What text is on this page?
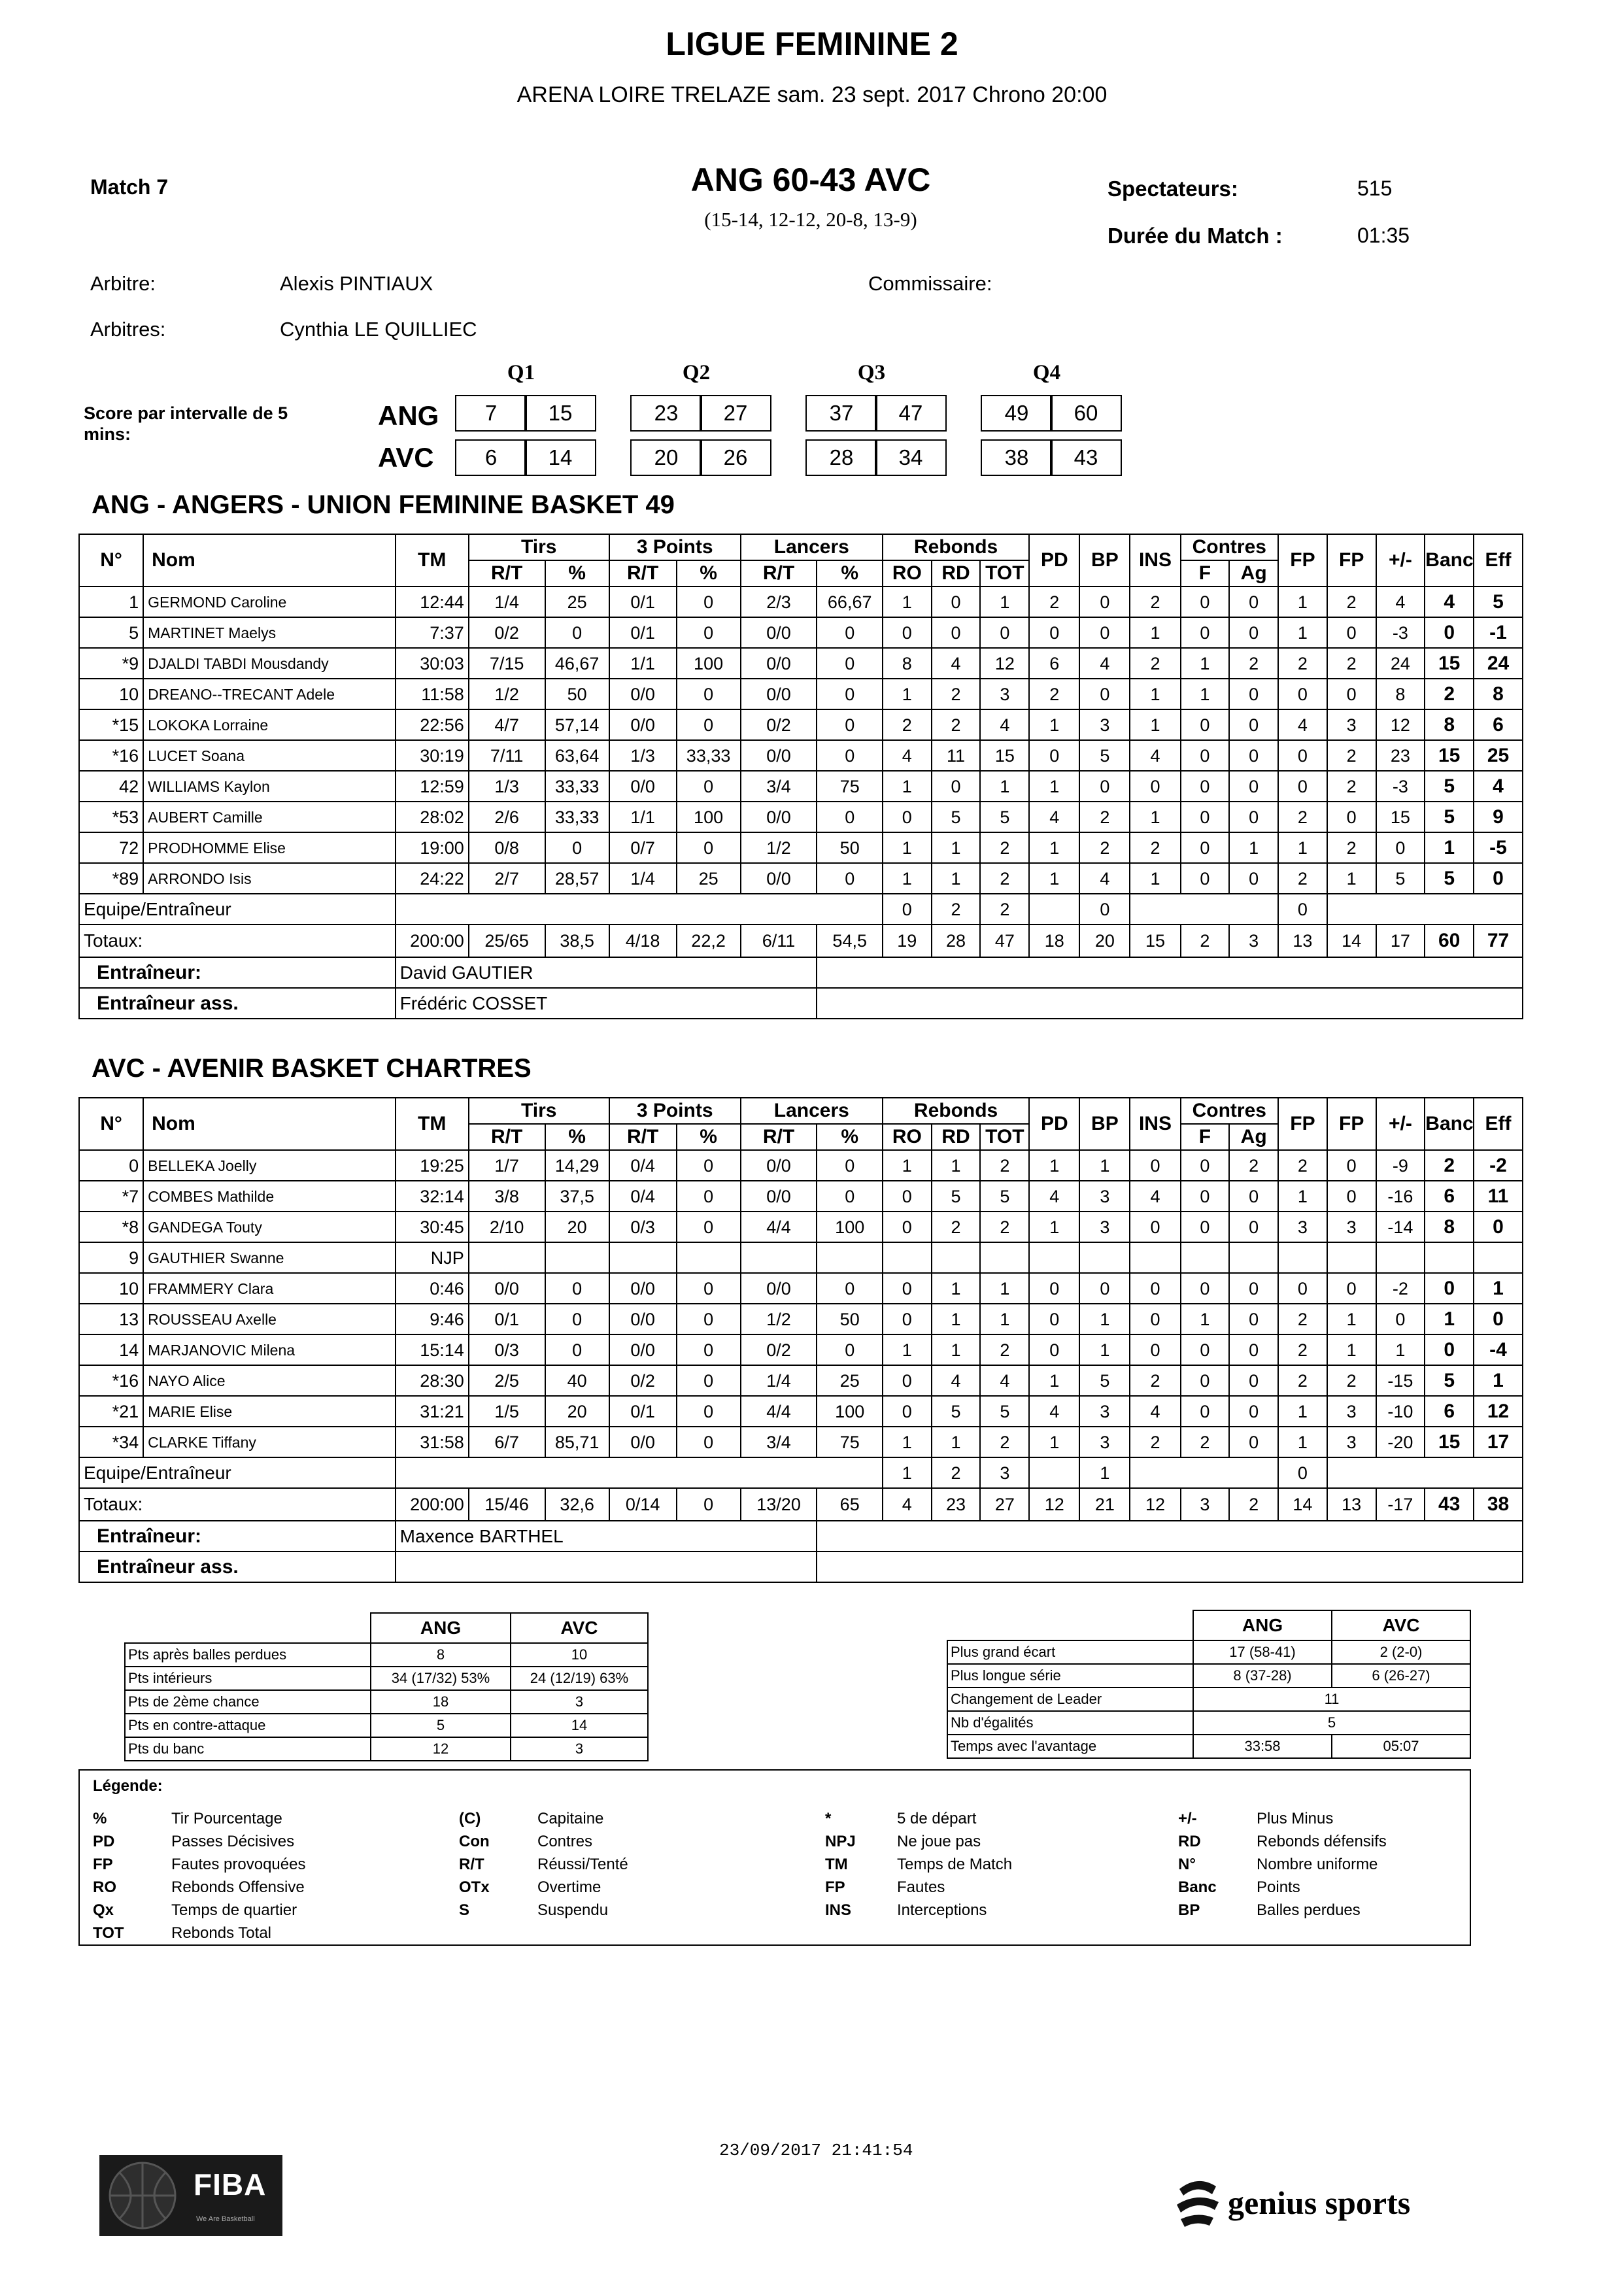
LIGUE FEMININE 2
ARENA LOIRE TRELAZE sam. 23 sept. 2017 Chrono 20:00
Match 7	ANG 60-43 AVC
(15-14, 12-12, 20-8, 13-9)
Spectateurs:	515
Durée du Match :	01:35
Arbitre:	Alexis PINTIAUX	Commissaire:
Arbitres:	Cynthia LE QUILLIEC
Score par intervalle de 5 mins:
Q1	Q2	Q3	Q4
ANG
AVC
7	15	23	27	37	47	49	60
6	14	20	26	28	34	38	43
ANG - ANGERS - UNION FEMININE BASKET 49
AVC - AVENIR BASKET CHARTRES
N°	Nom	TM	Tirs		3 Points		Lancers		Rebonds			PD	BP	INS	Contres		FP	FP	+/-	Banc	Eff
			R/T	%	R/T	%	R/T	%	RO	RD	TOT				F	Ag					
1	GERMOND Caroline	12:44	1/4	25	0/1	0	2/3	66,67	1	0	1	2	0	2	0	0	1	2	4	4	5
5	MARTINET Maelys	7:37	0/2	0	0/1	0	0/0	0	0	0	0	0	0	1	0	0	1	0	-3	0	-1
*9	DJALDI TABDI Mousdandy	30:03	7/15	46,67	1/1	100	0/0	0	8	4	12	6	4	2	1	2	2	2	24	15	24
10	DREANO--TRECANT Adele	11:58	1/2	50	0/0	0	0/0	0	1	2	3	2	0	1	1	0	0	0	8	2	8
*15	LOKOKA Lorraine	22:56	4/7	57,14	0/0	0	0/2	0	2	2	4	1	3	1	0	0	4	3	12	8	6
*16	LUCET Soana	30:19	7/11	63,64	1/3	33,33	0/0	0	4	11	15	0	5	4	0	0	0	2	23	15	25
42	WILLIAMS Kaylon	12:59	1/3	33,33	0/0	0	3/4	75	1	0	1	1	0	0	0	0	0	2	-3	5	4
*53	AUBERT Camille	28:02	2/6	33,33	1/1	100	0/0	0	0	5	5	4	2	1	0	0	2	0	15	5	9
72	PRODHOMME Elise	19:00	0/8	0	0/7	0	1/2	50	1	1	2	1	2	2	0	1	1	2	0	1	-5
*89	ARRONDO Isis	24:22	2/7	28,57	1/4	25	0/0	0	1	1	2	1	4	1	0	0	2	1	5	5	0
Equipe/Entraîneur									0	2	2		0				0				
Totaux:		200:00	25/65	38,5	4/18	22,2	6/11	54,5	19	28	47	18	20	15	2	3	13	14	17	60	77
Entraîneur:		David GAUTIER																			
Entraîneur ass.		Frédéric COSSET																			
N°	Nom	TM	Tirs		3 Points		Lancers		Rebonds			PD	BP	INS	Contres		FP	FP	+/-	Banc	Eff
			R/T	%	R/T	%	R/T	%	RO	RD	TOT				F	Ag					
0	BELLEKA Joelly	19:25	1/7	14,29	0/4	0	0/0	0	1	1	2	1	1	0	0	2	2	0	-9	2	-2
*7	COMBES Mathilde	32:14	3/8	37,5	0/4	0	0/0	0	0	5	5	4	3	4	0	0	1	0	-16	6	11
*8	GANDEGA Touty	30:45	2/10	20	0/3	0	4/4	100	0	2	2	1	3	0	0	0	3	3	-14	8	0
9	GAUTHIER Swanne	NJP																			
10	FRAMMERY Clara	0:46	0/0	0	0/0	0	0/0	0	0	1	1	0	0	0	0	0	0	0	-2	0	1
13	ROUSSEAU Axelle	9:46	0/1	0	0/0	0	1/2	50	0	1	1	0	1	0	1	0	2	1	0	1	0
14	MARJANOVIC Milena	15:14	0/3	0	0/0	0	0/2	0	1	1	2	0	1	0	0	0	2	1	1	0	-4
*16	NAYO Alice	28:30	2/5	40	0/2	0	1/4	25	0	4	4	1	5	2	0	0	2	2	-15	5	1
*21	MARIE Elise	31:21	1/5	20	0/1	0	4/4	100	0	5	5	4	3	4	0	0	1	3	-10	6	12
*34	CLARKE Tiffany	31:58	6/7	85,71	0/0	0	3/4	75	1	1	2	1	3	2	2	0	1	3	-20	15	17
Equipe/Entraîneur									1	2	3		1				0				
Totaux:		200:00	15/46	32,6	0/14	0	13/20	65	4	23	27	12	21	12	3	2	14	13	-17	43	38
Entraîneur:		Maxence BARTHEL																			
Entraîneur ass.																					
	ANG	AVC
Pts après balles perdues	8	10
Pts intérieurs	34 (17/32) 53%	24 (12/19) 63%
Pts de 2ème chance	18	3
Pts en contre-attaque	5	14
Pts du banc	12	3
	ANG	AVC
Plus grand écart	17 (58-41)	2 (2-0)
Plus longue série	8 (37-28)	6 (26-27)
Changement de Leader	11	
Nb d'égalités	5	
Temps avec l'avantage	33:58	05:07
Légende:
%	Tir Pourcentage
PD	Passes Décisives
FP	Fautes provoquées
RO	Rebonds Offensive
Qx	Temps de quartier
TOT	Rebonds Total
(C)	Capitaine
Con	Contres
R/T	Réussi/Tenté
OTx	Overtime
S	Suspendu
*	5 de départ
NPJ	Ne joue pas
TM	Temps de Match
FP	Fautes
INS	Interceptions
+/-	Plus Minus
RD	Rebonds défensifs
N°	Nombre uniforme
Banc	Points
BP	Balles perdues
FIBA
We Are Basketball
23/09/2017 21:41:54
genius sports
